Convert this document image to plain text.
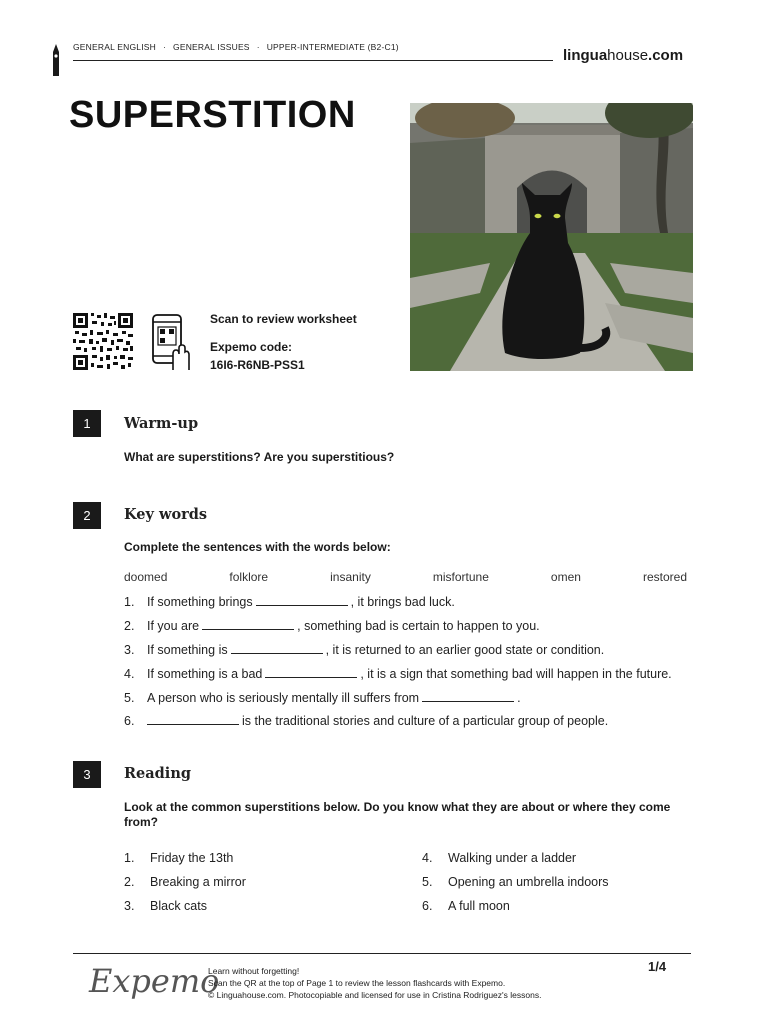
GENERAL ENGLISH · GENERAL ISSUES · UPPER-INTERMEDIATE (B2-C1)	linguahouse.com
SUPERSTITION
Scan to review worksheet
Expemo code:
16I6-R6NB-PSS1
1	Warm-up
What are superstitions? Are you superstitious?
2	Key words
Complete the sentences with the words below:
doomed	folklore	insanity	misfortune	omen	restored
1. If something brings	, it brings bad luck.
2. If you are	, something bad is certain to happen to you.
3. If something is	, it is returned to an earlier good state or condition.
4. If something is a bad	, it is a sign that something bad will happen in the future.
5. A person who is seriously mentally ill suffers from	.
6.	is the traditional stories and culture of a particular group of people.
3	Reading
Look at the common superstitions below. Do you know what they are about or where they come from?
1. Friday the 13th
2. Breaking a mirror
3. Black cats
4. Walking under a ladder
5. Opening an umbrella indoors
6. A full moon
Expemo
Learn without forgetting!
Scan the QR at the top of Page 1 to review the lesson flashcards with Expemo.
© Linguahouse.com. Photocopiable and licensed for use in Cristina Rodriguez's lessons.
1/4
